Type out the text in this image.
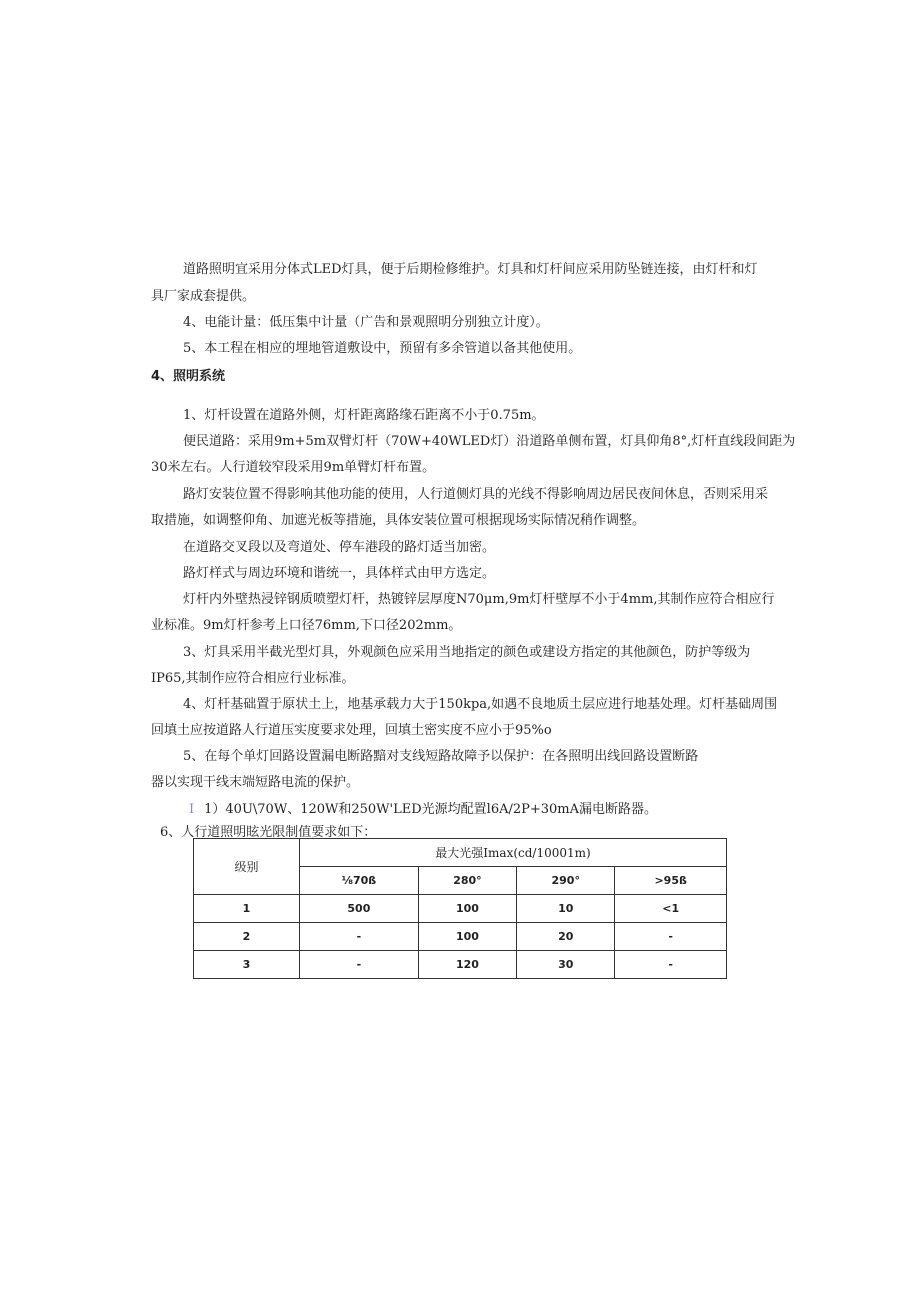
道路照明宜采用分体式LED灯具，便于后期检修维护。灯具和灯杆间应采用防坠链连接，由灯杆和灯

具厂家成套提供。

4、电能计量：低压集中计量（广告和景观照明分别独立计度）。

5、本工程在相应的埋地管道敷设中，预留有多余管道以备其他使用。

4、照明系统

1、灯杆设置在道路外侧，灯杆距离路缘石距离不小于0.75m。

便民道路：采用9m+5m双臂灯杆（70W+40WLED灯）沿道路单侧布置，灯具仰角8°,灯杆直线段间距为

30米左右。人行道较窄段采用9m单臂灯杆布置。

路灯安装位置不得影响其他功能的使用，人行道侧灯具的光线不得影响周边居民夜间休息，否则采用采

取措施，如调整仰角、加遮光板等措施，具体安装位置可根据现场实际情况稍作调整。

在道路交叉段以及弯道处、停车港段的路灯适当加密。

路灯样式与周边环境和谐统一，具体样式由甲方选定。

灯杆内外壁热浸锌钢质喷塑灯杆，热镀锌层厚度N70μm,9m灯杆壁厚不小于4mm,其制作应符合相应行

业标准。9m灯杆参考上口径76mm,下口径202mm。

3、灯具采用半截光型灯具，外观颜色应采用当地指定的颜色或建设方指定的其他颜色，防护等级为

IP65,其制作应符合相应行业标准。

4、灯杆基础置于原状土上，地基承载力大于150kpa,如遇不良地质土层应进行地基处理。灯杆基础周围

回填土应按道路人行道压实度要求处理，回填土密实度不应小于95%o

5、在每个单灯回路设置漏电断路黯对支线短路故障予以保护：在各照明出线回路设置断路

器以实现干线末端短路电流的保护。

I 1）40U\70W、120W和250W'LED光源均配置l6A/2P+30mA漏电断路器。

6、人行道照明眩光限制值要求如下：

级别	最大光强Imax(cd/10001m)			
	⅛70ß	280°	290°	>95ß
1	500	100	10	<1
2	-	100	20	-
3	-	120	30	-
